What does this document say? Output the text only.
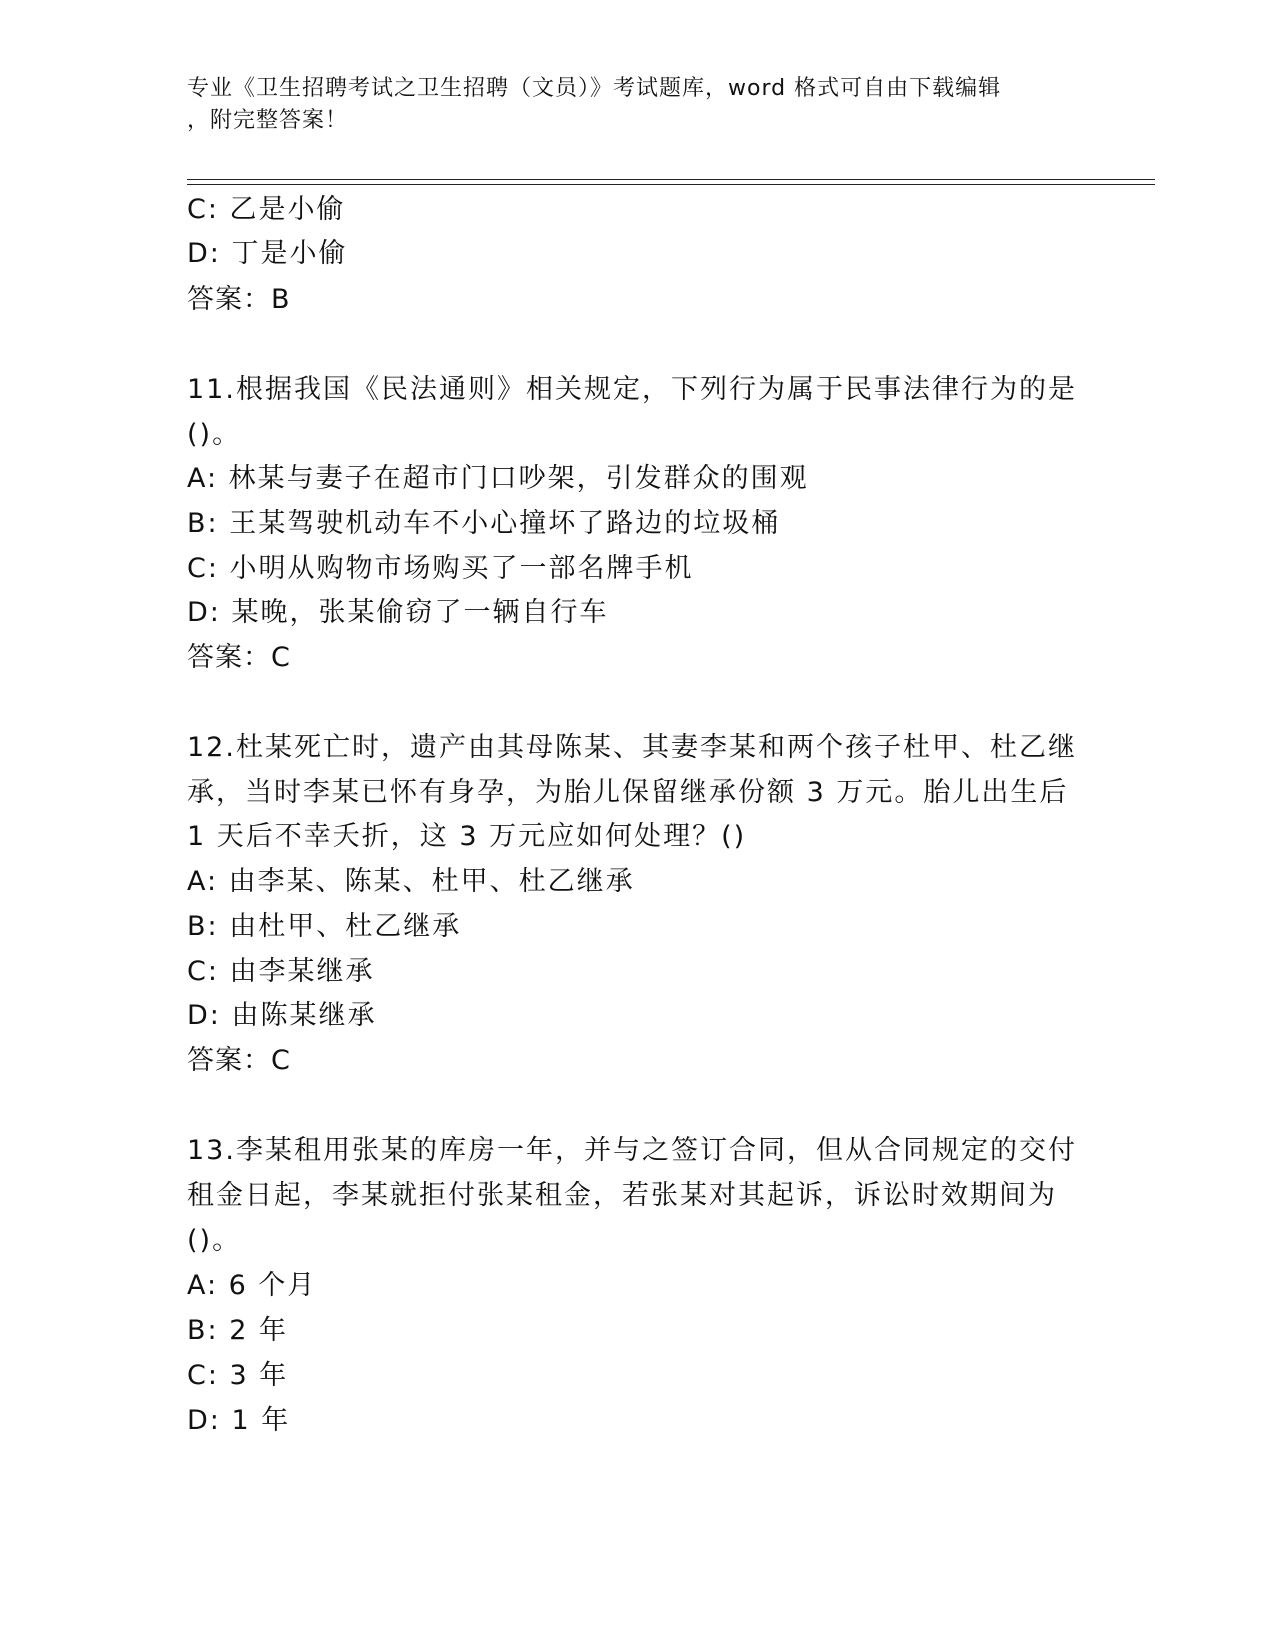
专业《卫生招聘考试之卫生招聘（文员）》考试题库，word 格式可自由下载编辑
，附完整答案！
C: 乙是小偷
D: 丁是小偷
答案：B
11.根据我国《民法通则》相关规定，下列行为属于民事法律行为的是
()。
A: 林某与妻子在超市门口吵架，引发群众的围观
B: 王某驾驶机动车不小心撞坏了路边的垃圾桶
C: 小明从购物市场购买了一部名牌手机
D: 某晚，张某偷窃了一辆自行车
答案：C
12.杜某死亡时，遗产由其母陈某、其妻李某和两个孩子杜甲、杜乙继
承，当时李某已怀有身孕，为胎儿保留继承份额 3 万元。胎儿出生后
1 天后不幸夭折，这 3 万元应如何处理？()
A: 由李某、陈某、杜甲、杜乙继承
B: 由杜甲、杜乙继承
C: 由李某继承
D: 由陈某继承
答案：C
13.李某租用张某的库房一年，并与之签订合同，但从合同规定的交付
租金日起，李某就拒付张某租金，若张某对其起诉，诉讼时效期间为
()。
A: 6 个月
B: 2 年
C: 3 年
D: 1 年
